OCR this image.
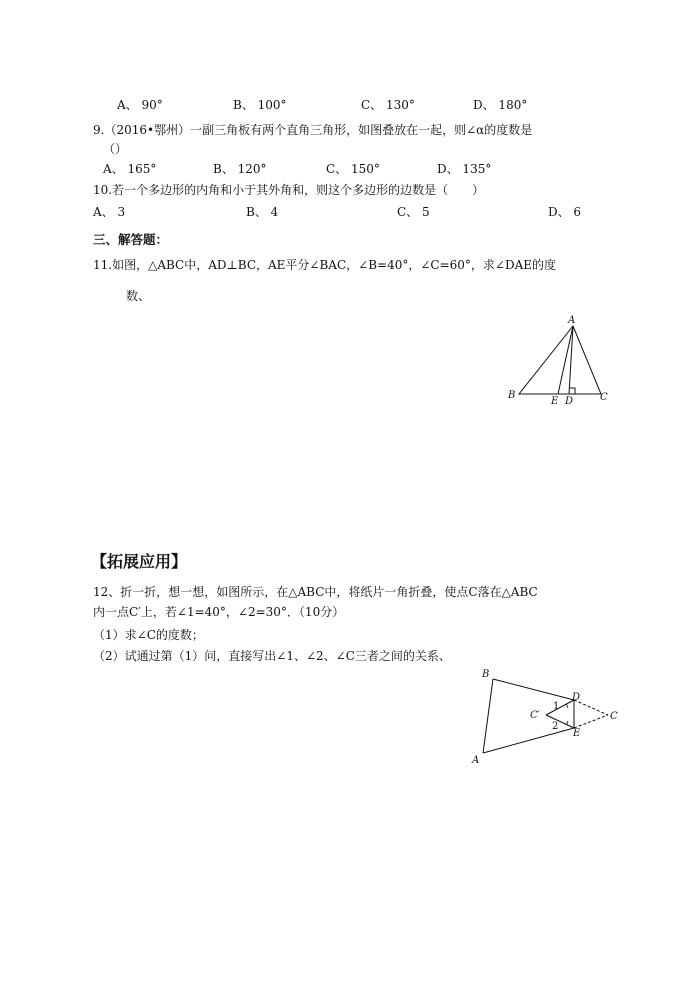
A、 90°	B、 100°	C、 130°	D、 180°
9.（2016•鄂州）一副三角板有两个直角三角形，如图叠放在一起，则∠α的度数是
（）
A、 165°	B、 120°	C、 150°	D、 135°
10.若一个多边形的内角和小于其外角和，则这个多边形的边数是（　　）
A、 3	B、 4	C、 5	D、 6
三、解答题：
11.如图，△ABC中，AD⊥BC，AE平分∠BAC，∠B=40°，∠C=60°，求∠DAE的度
数、
A
B	C
D
E
【拓展应用】
12、折一折，想一想，如图所示，在△ABC中，将纸片一角折叠，使点C落在△ABC
内一点C′上，若∠1=40°，∠2=30°．（10分）
（1）求∠C的度数；
（2）试通过第（1）问，直接写出∠1、∠2、∠C三者之间的关系、
B
A
C
C′
D
E
1
2
